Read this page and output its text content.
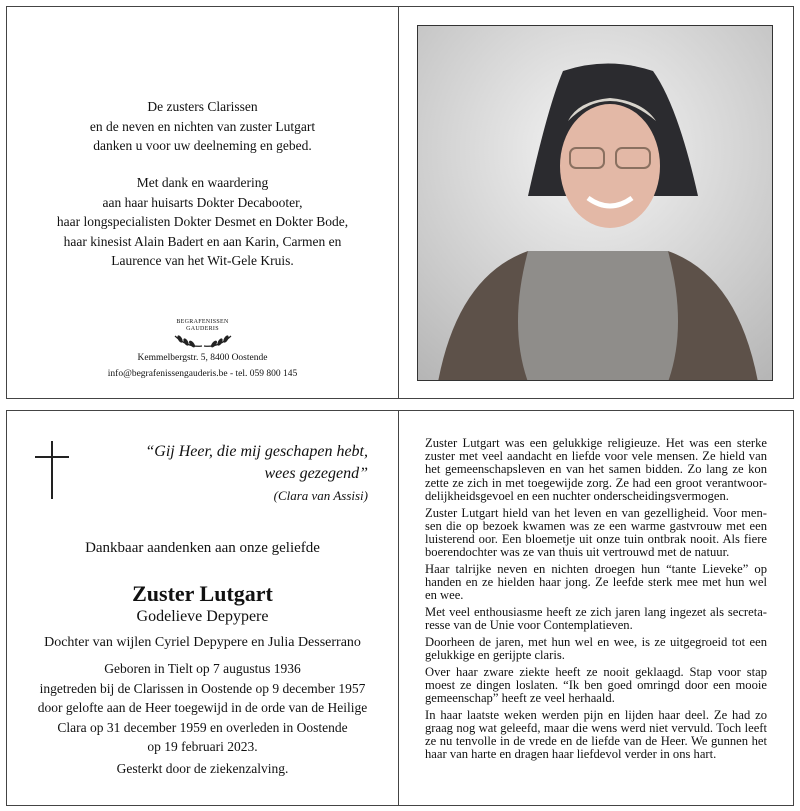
De zusters Clarissen
en de neven en nichten van zuster Lutgart
danken u voor uw deelneming en gebed.
Met dank en waardering
aan haar huisarts Dokter Decabooter,
haar longspecialisten Dokter Desmet en Dokter Bode,
haar kinesist Alain Badert en aan Karin, Carmen en
Laurence van het Wit-Gele Kruis.
BEGRAFENISSEN
GAUDERIS
Kemmelbergstr. 5, 8400 Oostende
info@begrafenissengauderis.be - tel. 059 800 145
“Gij Heer, die mij geschapen hebt,
wees gezegend”
(Clara van Assisi)
Dankbaar aandenken aan onze geliefde
Zuster Lutgart
Godelieve Depypere
Dochter van wijlen Cyriel Depypere en Julia Desserrano
Geboren in Tielt op 7 augustus 1936
ingetreden bij de Clarissen in Oostende op 9 december 1957
door gelofte aan de Heer toegewijd in de orde van de Heilige
Clara op 31 december 1959 en overleden in Oostende
op 19 februari 2023.
Gesterkt door de ziekenzalving.

Zuster Lutgart was een gelukkige religieuze. Het was een sterke
zuster met veel aandacht en liefde voor vele mensen. Ze hield van
het gemeenschapsleven en van het samen bidden. Zo lang ze kon
zette ze zich in met toegewijde zorg. Ze had een groot verantwoor-
delijkheidsgevoel en een nuchter onderscheidingsvermogen.

Zuster Lutgart hield van het leven en van gezelligheid. Voor men-
sen die op bezoek kwamen was ze een warme gastvrouw met een
luisterend oor. Een bloemetje uit onze tuin ontbrak nooit. Als fiere
boerendochter was ze van thuis uit vertrouwd met de natuur.

Haar talrijke neven en nichten droegen hun “tante Lieveke” op
handen en ze hielden haar jong. Ze leefde sterk mee met hun wel
en wee.

Met veel enthousiasme heeft ze zich jaren lang ingezet als secreta-
resse van de Unie voor Contemplatieven.

Doorheen de jaren, met hun wel en wee, is ze uitgegroeid tot een
gelukkige en gerijpte claris.

Over haar zware ziekte heeft ze nooit geklaagd. Stap voor stap
moest ze dingen loslaten. “Ik ben goed omringd door een mooie
gemeenschap” heeft ze veel herhaald.

In haar laatste weken werden pijn en lijden haar deel. Ze had zo
graag nog wat geleefd, maar die wens werd niet vervuld. Toch leeft
ze nu tenvolle in de vrede en de liefde van de Heer. We gunnen het
haar van harte en dragen haar liefdevol verder in ons hart.
